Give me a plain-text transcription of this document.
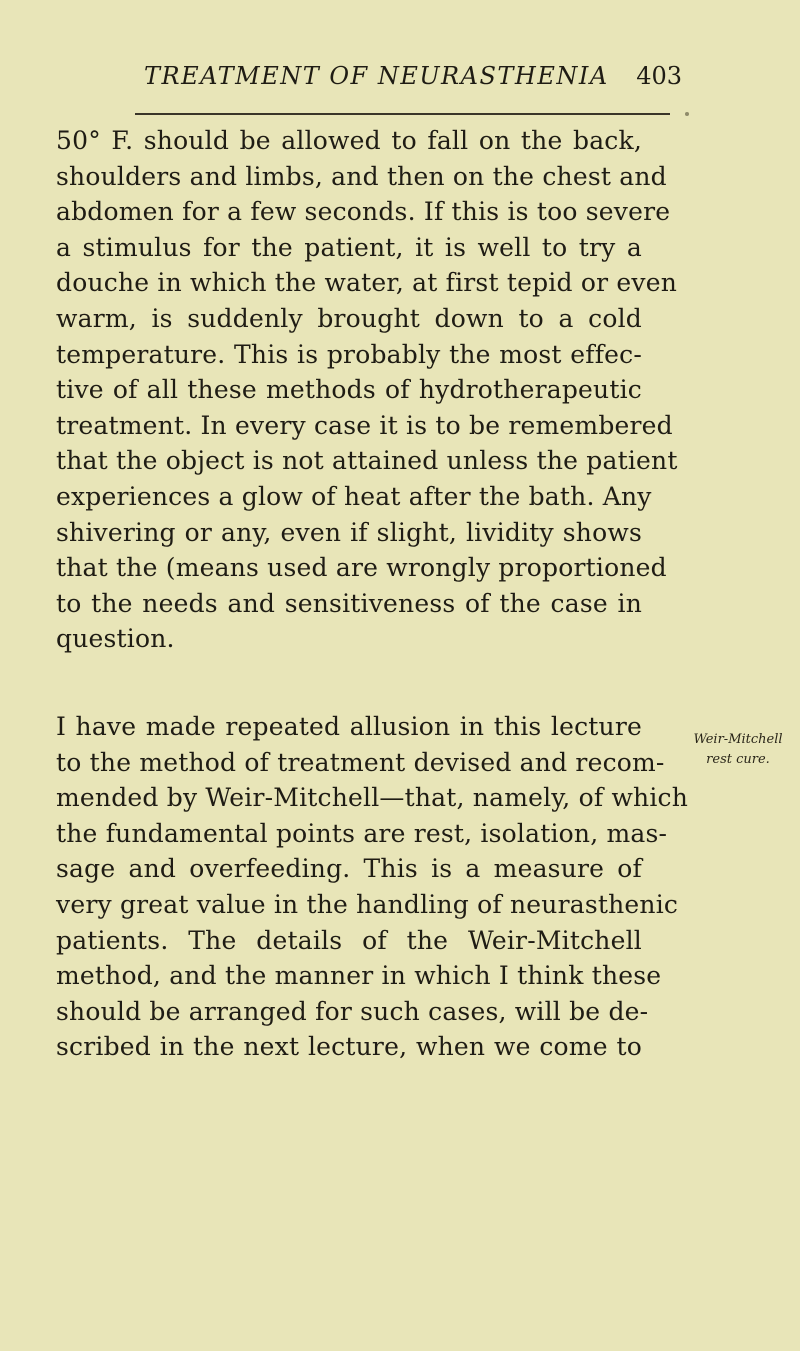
TREATMENT OF NEURASTHENIA 403
50° F. should be allowed to fall on the back,
shoulders and limbs, and then on the chest and
abdomen for a few seconds. If this is too severe
a stimulus for the patient, it is well to try a
douche in which the water, at first tepid or even
warm, is suddenly brought down to a cold
temperature. This is probably the most effec-
tive of all these methods of hydrotherapeutic
treatment. In every case it is to be remembered
that the object is not attained unless the patient
experiences a glow of heat after the bath. Any
shivering or any, even if slight, lividity shows
that the (means used are wrongly proportioned
to the needs and sensitiveness of the case in
question.
I have made repeated allusion in this lecture
to the method of treatment devised and recom-
mended by Weir-Mitchell—that, namely, of which
the fundamental points are rest, isolation, mas-
sage and overfeeding. This is a measure of
very great value in the handling of neurasthenic
patients. The details of the Weir-Mitchell
method, and the manner in which I think these
should be arranged for such cases, will be de-
scribed in the next lecture, when we come to
Weir-Mitchell
rest cure.
